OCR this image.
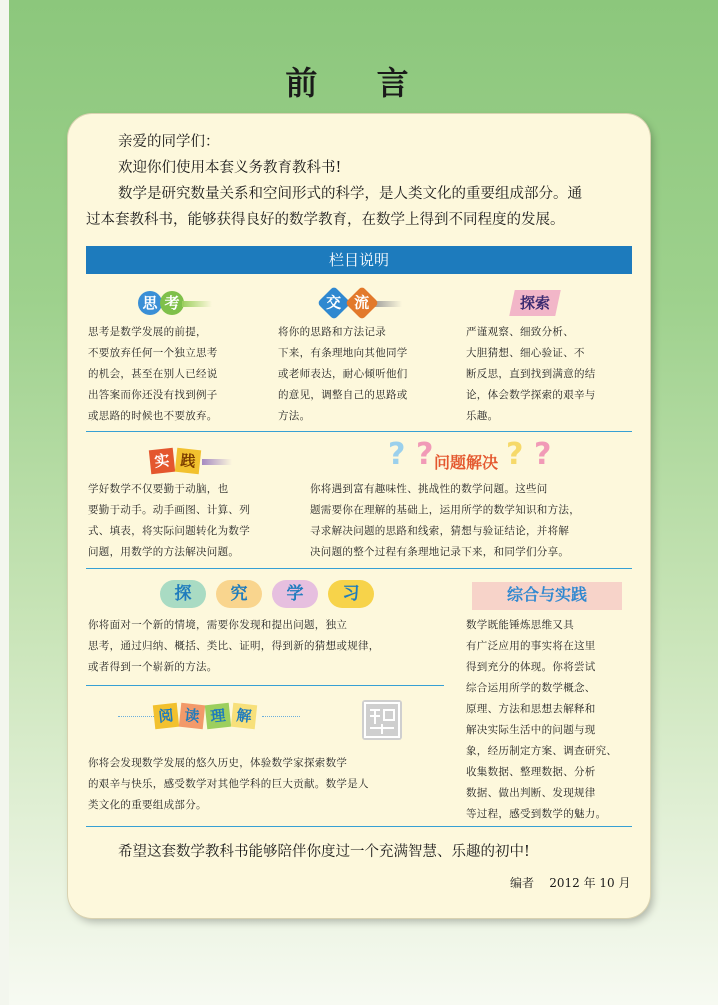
前 言
亲爱的同学们：
欢迎你们使用本套义务教育教科书!
数学是研究数量关系和空间形式的科学，是人类文化的重要组成部分。通
过本套教科书，能够获得良好的数学教育，在数学上得到不同程度的发展。
栏目说明
思 考
思考是数学发展的前提，
不要放弃任何一个独立思考
的机会，甚至在别人已经说
出答案而你还没有找到例子
或思路的时候也不要放弃。
交 流
将你的思路和方法记录
下来，有条理地向其他同学
或老师表达，耐心倾听他们
的意见，调整自己的思路或
方法。
探索
严谨观察、细致分析、
大胆猜想、细心验证、不
断反思，直到找到满意的结
论，体会数学探索的艰辛与
乐趣。
实 践
学好数学不仅要勤于动脑，也
要勤于动手。动手画图、计算、列
式、填表，将实际问题转化为数学
问题，用数学的方法解决问题。
? ? 问题解决 ? ?
你将遇到富有趣味性、挑战性的数学问题。这些问
题需要你在理解的基础上，运用所学的数学知识和方法，
寻求解决问题的思路和线索，猜想与验证结论，并将解
决问题的整个过程有条理地记录下来，和同学们分享。
探 究 学 习
你将面对一个新的情境，需要你发现和提出问题，独立
思考，通过归纳、概括、类比、证明，得到新的猜想或规律，
或者得到一个崭新的方法。
综合与实践
数学既能锤炼思维又具
有广泛应用的事实将在这里
得到充分的体现。你将尝试
综合运用所学的数学概念、
原理、方法和思想去解释和
解决实际生活中的问题与现
象，经历制定方案、调查研究、
收集数据、整理数据、分析
数据、做出判断、发现规律
等过程，感受到数学的魅力。
阅 读 理 解
你将会发现数学发展的悠久历史，体验数学家探索数学
的艰辛与快乐，感受数学对其他学科的巨大贡献。数学是人
类文化的重要组成部分。
希望这套数学教科书能够陪伴你度过一个充满智慧、乐趣的初中!
编者    2012 年 10 月
